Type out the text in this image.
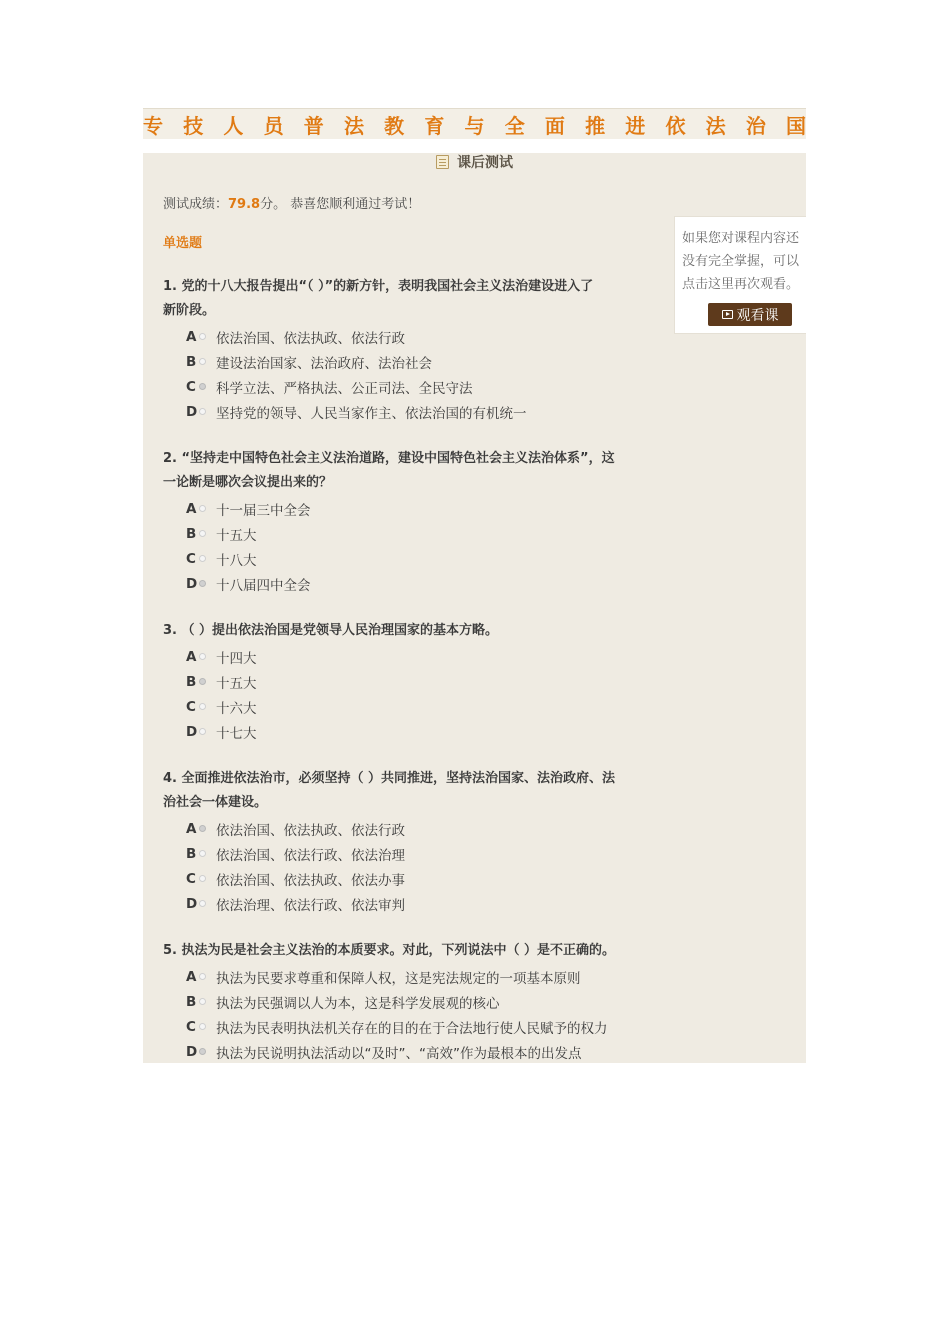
专 技 人 员 普 法 教 育 与 全 面 推 进 依 法 治 国
课后测试
测试成绩：79.8分。 恭喜您顺利通过考试！
单选题
1. 党的十八大报告提出“（ ）”的新方针，表明我国社会主义法治建设进入了
新阶段。
A 依法治国、依法执政、依法行政
B 建设法治国家、法治政府、法治社会
C 科学立法、严格执法、公正司法、全民守法
D 坚持党的领导、人民当家作主、依法治国的有机统一
2. “坚持走中国特色社会主义法治道路，建设中国特色社会主义法治体系”，这
一论断是哪次会议提出来的？
A 十一届三中全会
B 十五大
C 十八大
D 十八届四中全会
3. （ ）提出依法治国是党领导人民治理国家的基本方略。
A 十四大
B 十五大
C 十六大
D 十七大
4. 全面推进依法治市，必须坚持（ ）共同推进，坚持法治国家、法治政府、法
治社会一体建设。
A 依法治国、依法执政、依法行政
B 依法治国、依法行政、依法治理
C 依法治国、依法执政、依法办事
D 依法治理、依法行政、依法审判
5. 执法为民是社会主义法治的本质要求。对此，下列说法中（ ）是不正确的。
A 执法为民要求尊重和保障人权，这是宪法规定的一项基本原则
B 执法为民强调以人为本，这是科学发展观的核心
C 执法为民表明执法机关存在的目的在于合法地行使人民赋予的权力
D 执法为民说明执法活动以“及时”、“高效”作为最根本的出发点
如果您对课程内容还
没有完全掌握，可以
点击这里再次观看。
观看课
